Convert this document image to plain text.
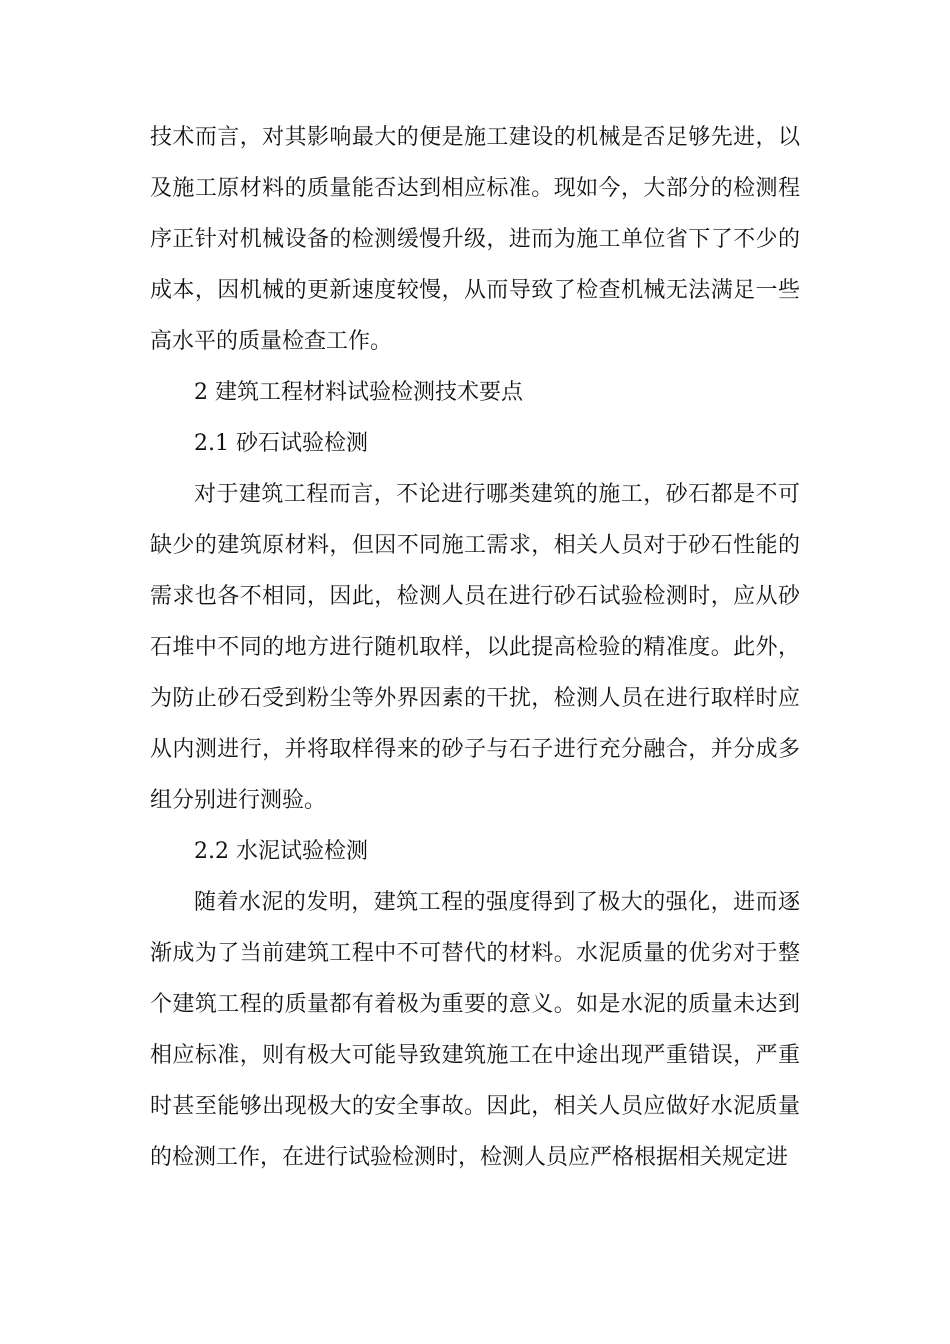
技术而言，对其影响最大的便是施工建设的机械是否足够先进，以及施工原材料的质量能否达到相应标准。现如今，大部分的检测程序正针对机械设备的检测缓慢升级，进而为施工单位省下了不少的成本，因机械的更新速度较慢，从而导致了检查机械无法满足一些高水平的质量检查工作。

2 建筑工程材料试验检测技术要点
2.1 砂石试验检测

对于建筑工程而言，不论进行哪类建筑的施工，砂石都是不可缺少的建筑原材料，但因不同施工需求，相关人员对于砂石性能的需求也各不相同，因此，检测人员在进行砂石试验检测时，应从砂石堆中不同的地方进行随机取样，以此提高检验的精准度。此外，为防止砂石受到粉尘等外界因素的干扰，检测人员在进行取样时应从内测进行，并将取样得来的砂子与石子进行充分融合，并分成多组分别进行测验。

2.2 水泥试验检测

随着水泥的发明，建筑工程的强度得到了极大的强化，进而逐渐成为了当前建筑工程中不可替代的材料。水泥质量的优劣对于整个建筑工程的质量都有着极为重要的意义。如是水泥的质量未达到相应标准，则有极大可能导致建筑施工在中途出现严重错误，严重时甚至能够出现极大的安全事故。因此，相关人员应做好水泥质量的检测工作，在进行试验检测时，检测人员应严格根据相关规定进
